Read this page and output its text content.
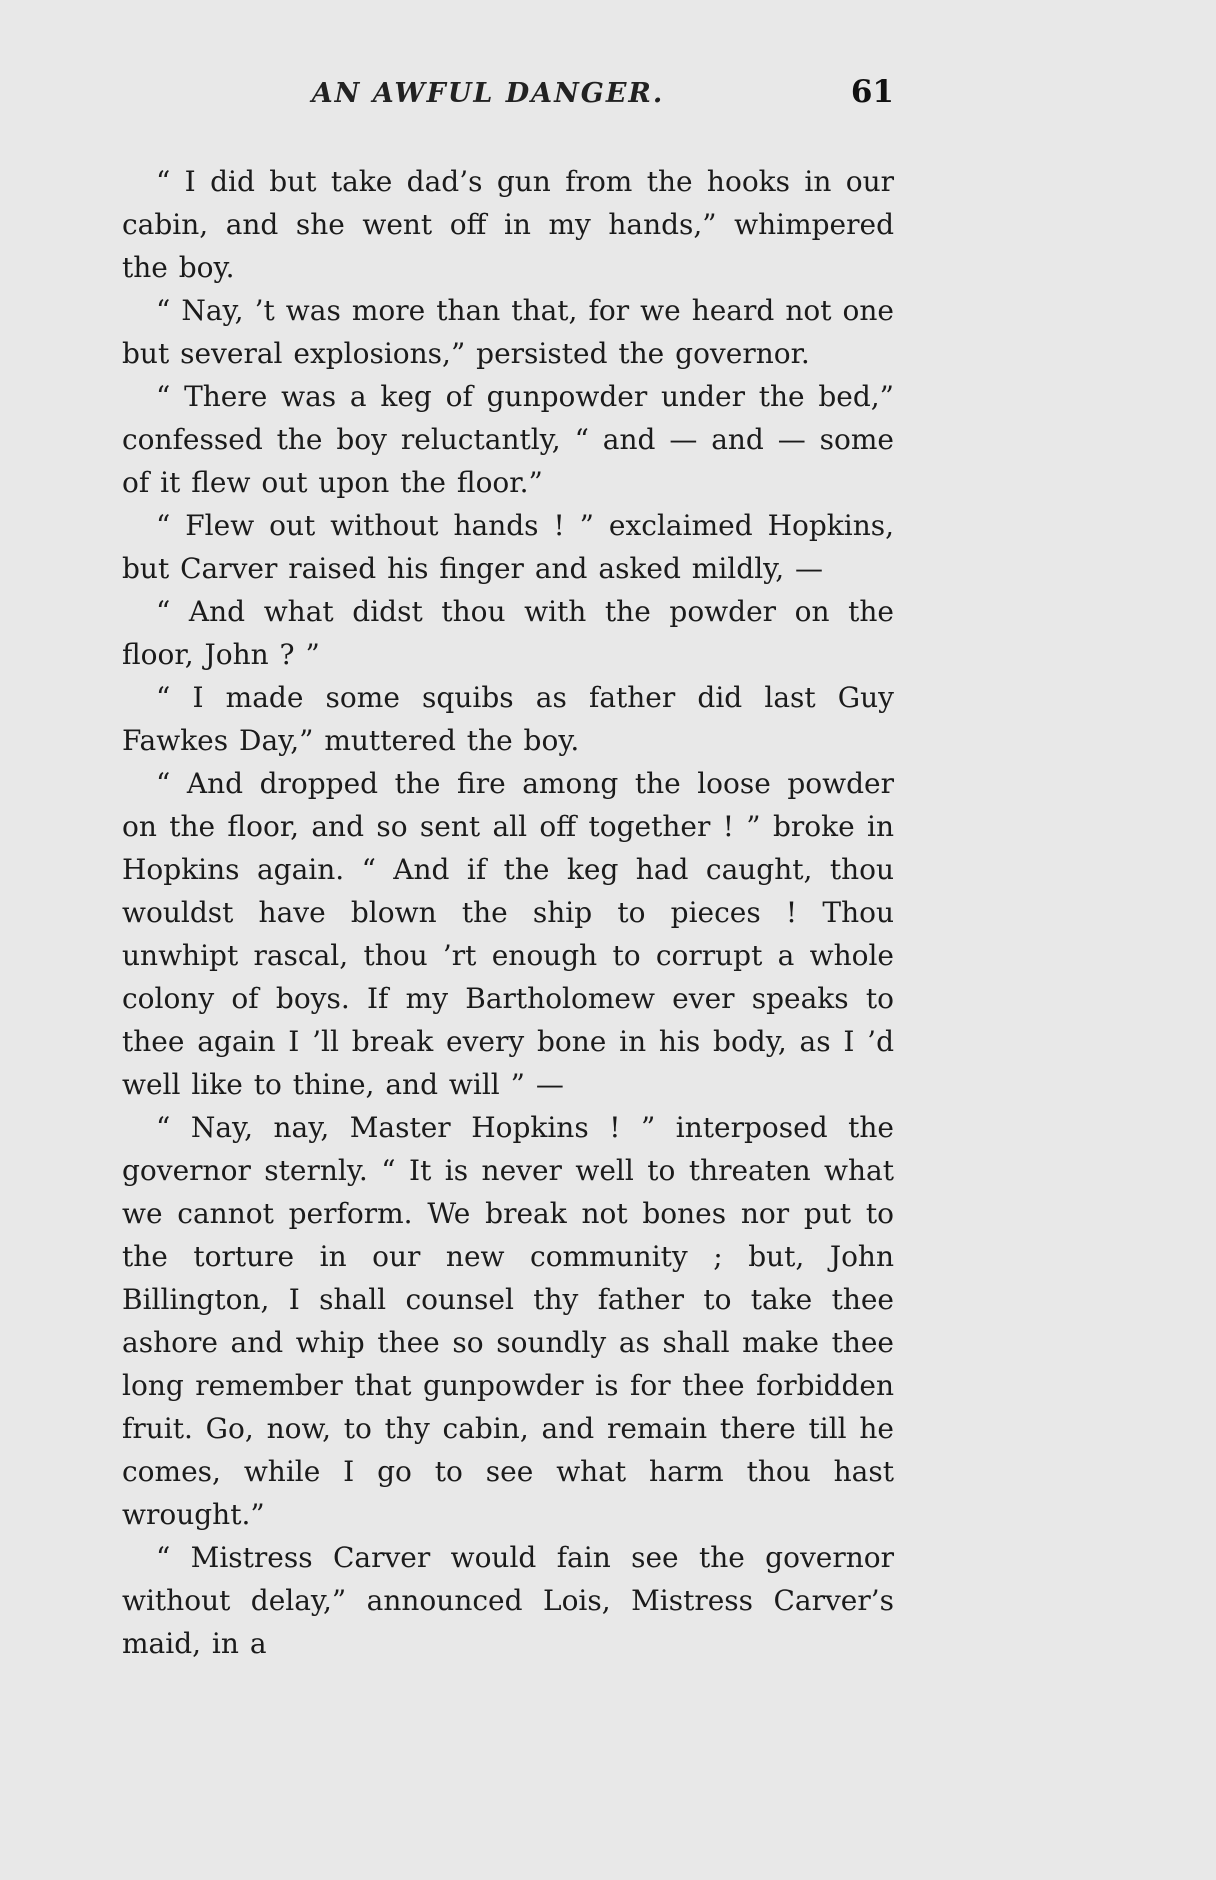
AN AWFUL DANGER.	61

“ I did but take dad’s gun from the hooks in our cabin, and she went off in my hands,” whimpered the boy.

“ Nay, ’t was more than that, for we heard not one but several explosions,” persisted the governor.

“ There was a keg of gunpowder under the bed,” confessed the boy reluctantly, “ and — and — some of it flew out upon the floor.”

“ Flew out without hands ! ” exclaimed Hopkins, but Carver raised his finger and asked mildly, —

“ And what didst thou with the powder on the floor, John ? ”

“ I made some squibs as father did last Guy Fawkes Day,” muttered the boy.

“ And dropped the fire among the loose powder on the floor, and so sent all off together ! ” broke in Hopkins again. “ And if the keg had caught, thou wouldst have blown the ship to pieces ! Thou unwhipt rascal, thou ’rt enough to corrupt a whole colony of boys. If my Bartholomew ever speaks to thee again I ’ll break every bone in his body, as I ’d well like to thine, and will ” —

“ Nay, nay, Master Hopkins ! ” interposed the governor sternly. “ It is never well to threaten what we cannot perform. We break not bones nor put to the torture in our new community ; but, John Billington, I shall counsel thy father to take thee ashore and whip thee so soundly as shall make thee long remember that gunpowder is for thee forbidden fruit. Go, now, to thy cabin, and remain there till he comes, while I go to see what harm thou hast wrought.”

“ Mistress Carver would fain see the governor without delay,” announced Lois, Mistress Carver’s maid, in a
